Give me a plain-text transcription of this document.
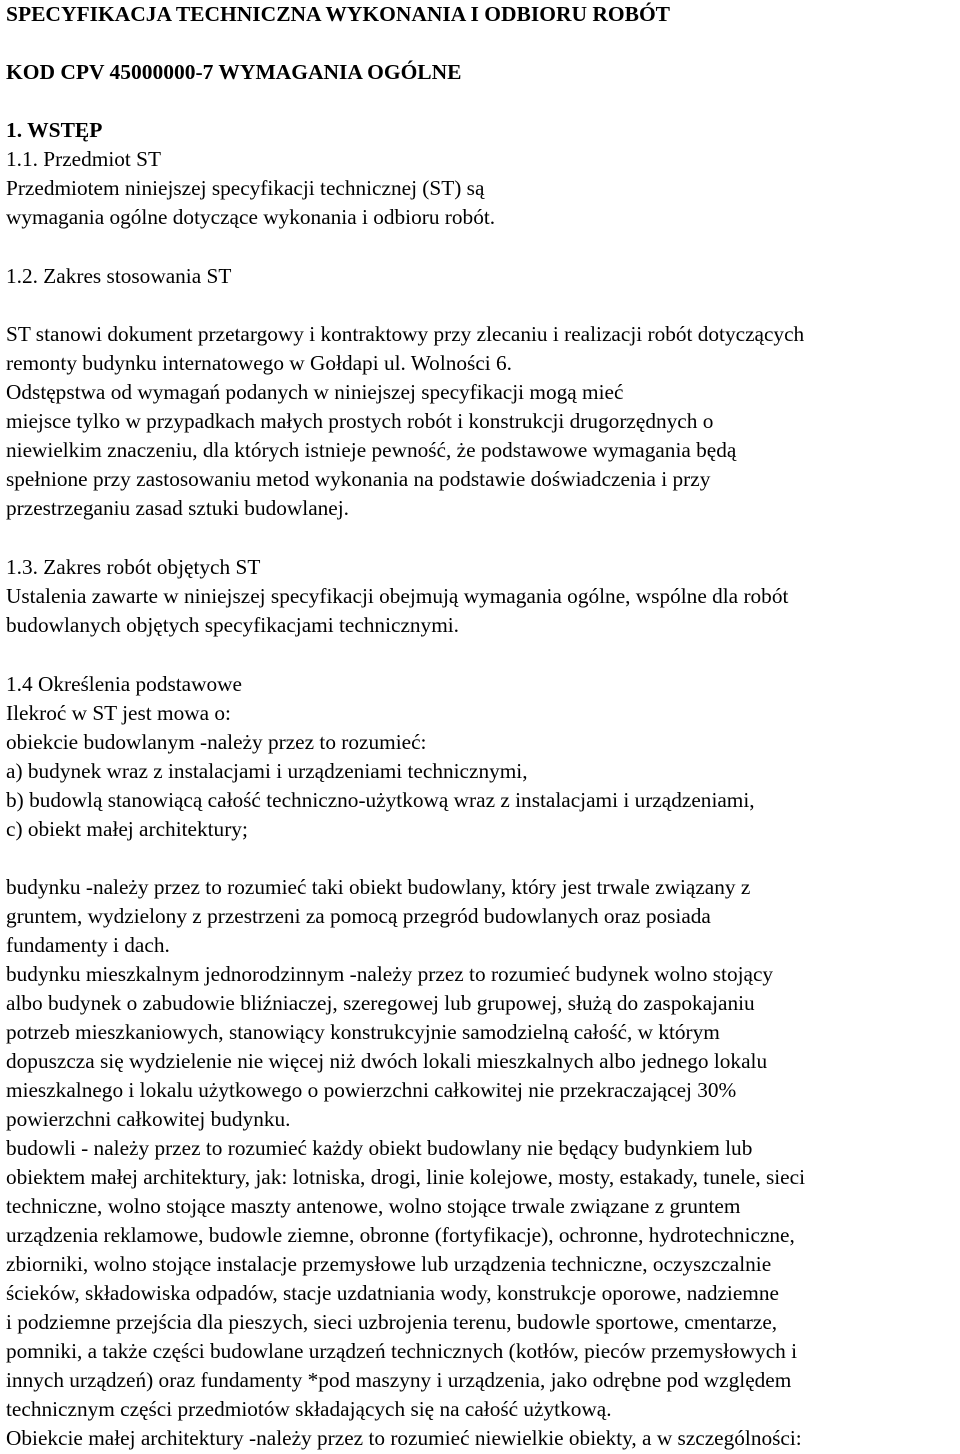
SPECYFIKACJA TECHNICZNA WYKONANIA I ODBIORU ROBÓT
KOD CPV 45000000-7 WYMAGANIA OGÓLNE
1. WSTĘP
1.1. Przedmiot ST
Przedmiotem niniejszej specyfikacji technicznej (ST) są
wymagania ogólne dotyczące wykonania i odbioru robót.
1.2. Zakres stosowania ST
ST stanowi dokument przetargowy i kontraktowy przy zlecaniu i realizacji robót dotyczących
remonty budynku internatowego w Gołdapi ul. Wolności 6.
Odstępstwa od wymagań podanych w niniejszej specyfikacji mogą mieć
miejsce tylko w przypadkach małych prostych robót i konstrukcji drugorzędnych o
niewielkim znaczeniu, dla których istnieje pewność, że podstawowe wymagania będą
spełnione przy zastosowaniu metod wykonania na podstawie doświadczenia i przy
przestrzeganiu zasad sztuki budowlanej.
1.3. Zakres robót objętych ST
Ustalenia zawarte w niniejszej specyfikacji obejmują wymagania ogólne, wspólne dla robót
budowlanych objętych specyfikacjami technicznymi.
1.4 Określenia podstawowe
Ilekroć w ST jest mowa o:
obiekcie budowlanym -należy przez to rozumieć:
a) budynek wraz z instalacjami i urządzeniami technicznymi,
b) budowlą stanowiącą całość techniczno-użytkową wraz z instalacjami i urządzeniami,
c) obiekt małej architektury;
budynku -należy przez to rozumieć taki obiekt budowlany, który jest trwale związany z
gruntem, wydzielony z przestrzeni za pomocą przegród budowlanych oraz posiada
fundamenty i dach.
budynku mieszkalnym jednorodzinnym -należy przez to rozumieć budynek wolno stojący
albo budynek o zabudowie bliźniaczej, szeregowej lub grupowej, służą do zaspokajaniu
potrzeb mieszkaniowych, stanowiący konstrukcyjnie samodzielną całość, w którym
dopuszcza się wydzielenie nie więcej niż dwóch lokali mieszkalnych albo jednego lokalu
mieszkalnego i lokalu użytkowego o powierzchni całkowitej nie przekraczającej 30%
powierzchni całkowitej budynku.
budowli - należy przez to rozumieć każdy obiekt budowlany nie będący budynkiem lub
obiektem małej architektury, jak: lotniska, drogi, linie kolejowe, mosty, estakady, tunele, sieci
techniczne, wolno stojące maszty antenowe, wolno stojące trwale związane z gruntem
urządzenia reklamowe, budowle ziemne, obronne (fortyfikacje), ochronne, hydrotechniczne,
zbiorniki, wolno stojące instalacje przemysłowe lub urządzenia techniczne, oczyszczalnie
ścieków, składowiska odpadów, stacje uzdatniania wody, konstrukcje oporowe, nadziemne
i podziemne przejścia dla pieszych, sieci uzbrojenia terenu, budowle sportowe, cmentarze,
pomniki, a także części budowlane urządzeń technicznych (kotłów, pieców przemysłowych i
innych urządzeń) oraz fundamenty *pod maszyny i urządzenia, jako odrębne pod względem
technicznym części przedmiotów składających się na całość użytkową.
Obiekcie małej architektury -należy przez to rozumieć niewielkie obiekty, a w szczególności:
